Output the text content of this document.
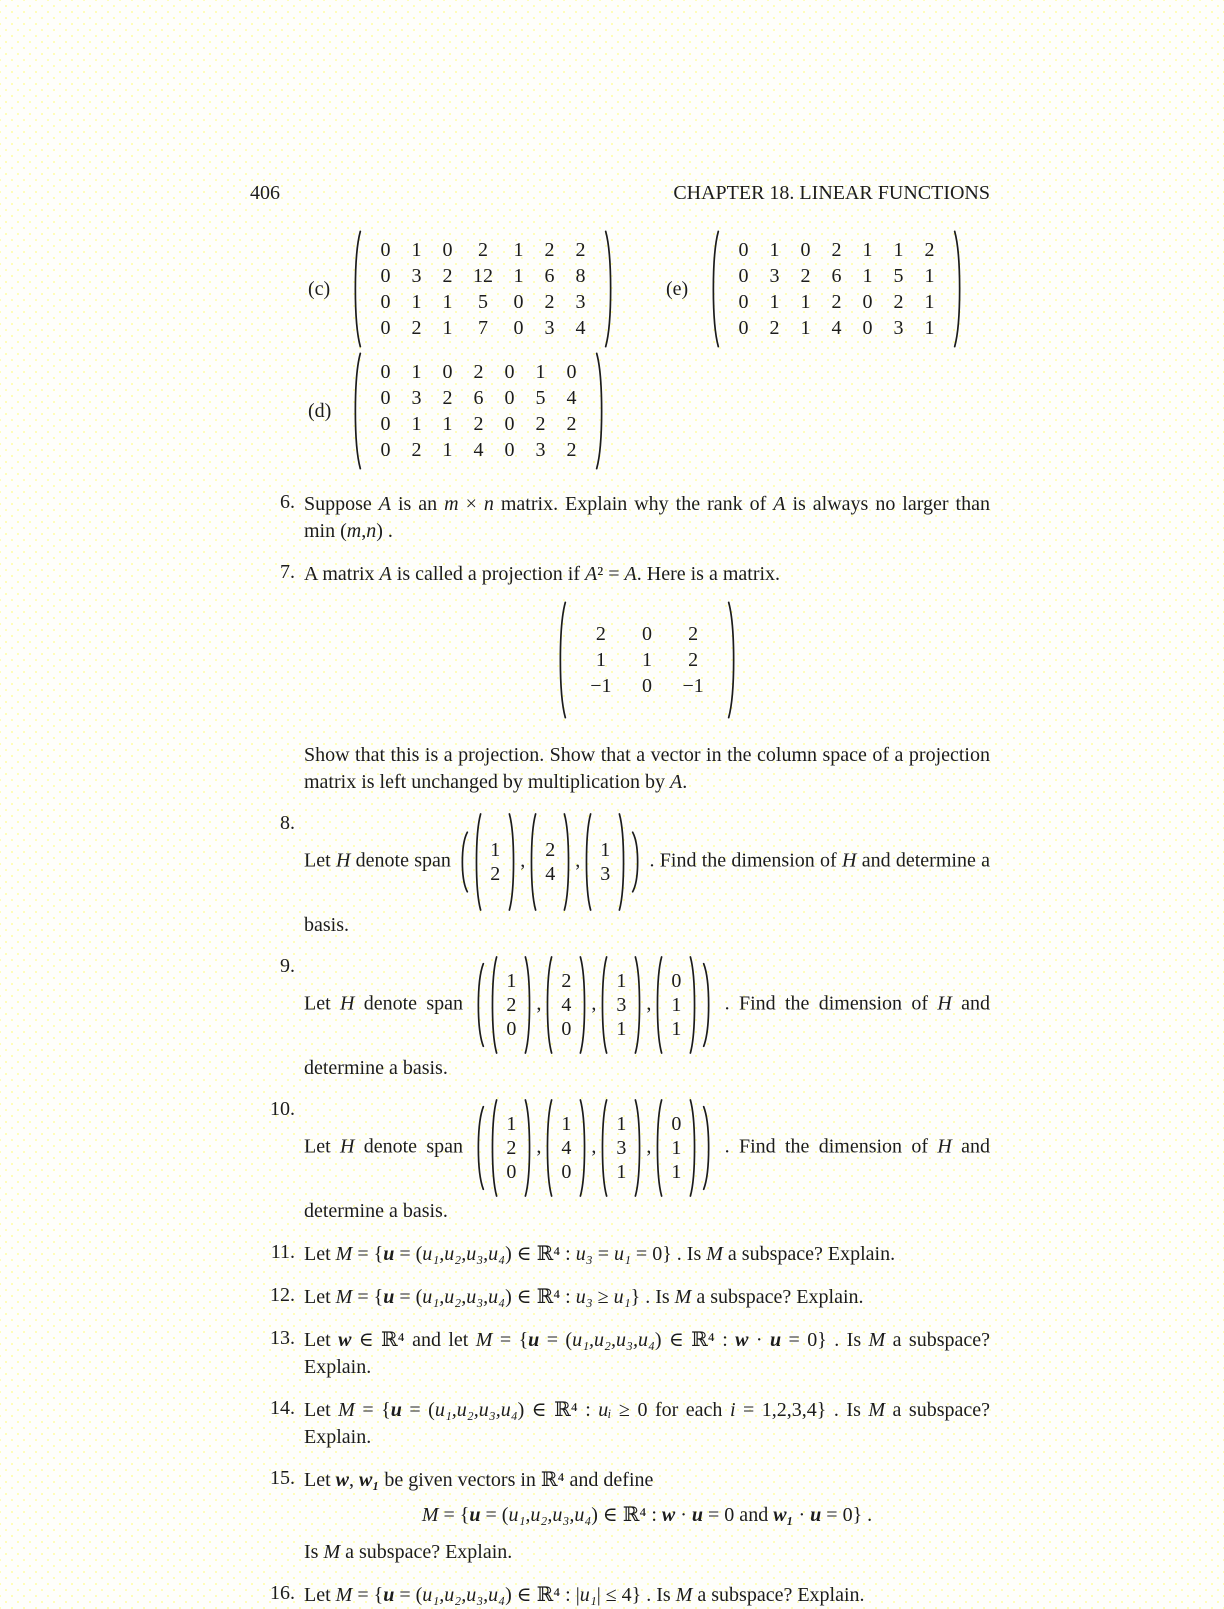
406	CHAPTER 18. LINEAR FUNCTIONS
(c)
0	1	0	2	1	2	2
0	3	2	12	1	6	8
0	1	1	5	0	2	3
0	2	1	7	0	3	4
(e)
0	1	0	2	1	1	2
0	3	2	6	1	5	1
0	1	1	2	0	2	1
0	2	1	4	0	3	1
(d)
0	1	0	2	0	1	0
0	3	2	6	0	5	4
0	1	1	2	0	2	2
0	2	1	4	0	3	2
6. Suppose A is an m × n matrix. Explain why the rank of A is always no larger than min (m,n) .
7. A matrix A is called a projection if A² = A. Here is a matrix.
2	0	2
1	1	2
−1	0	−1
Show that this is a projection. Show that a vector in the column space of a projection matrix is left unchanged by multiplication by A.
8.
Let H denote span 1
2
, 2
4
, 1
3
. Find the dimension of H and determine a basis.
9.
Let H denote span
1
2
0
,
2
4
0
,
1
3
1
,
0
1
1
. Find the dimension of H and determine a basis.
10.
Let H denote span
1
2
0
,
1
4
0
,
1
3
1
,
0
1
1
. Find the dimension of H and determine a basis.
11. Let M = {u = (u₁,u₂,u₃,u₄) ∈ ℝ⁴ : u₃ = u₁ = 0} . Is M a subspace? Explain.
12. Let M = {u = (u₁,u₂,u₃,u₄) ∈ ℝ⁴ : u₃ ≥ u₁} . Is M a subspace? Explain.
13. Let w ∈ ℝ⁴ and let M = {u = (u₁,u₂,u₃,u₄) ∈ ℝ⁴ : w · u = 0} . Is M a subspace? Explain.
14. Let M = {u = (u₁,u₂,u₃,u₄) ∈ ℝ⁴ : uᵢ ≥ 0 for each i = 1,2,3,4} . Is M a subspace? Explain.
15. Let w, w₁ be given vectors in ℝ⁴ and define
M = {u = (u₁,u₂,u₃,u₄) ∈ ℝ⁴ : w · u = 0 and w₁ · u = 0} .
Is M a subspace? Explain.
16. Let M = {u = (u₁,u₂,u₃,u₄) ∈ ℝ⁴ : |u₁| ≤ 4} . Is M a subspace? Explain.
